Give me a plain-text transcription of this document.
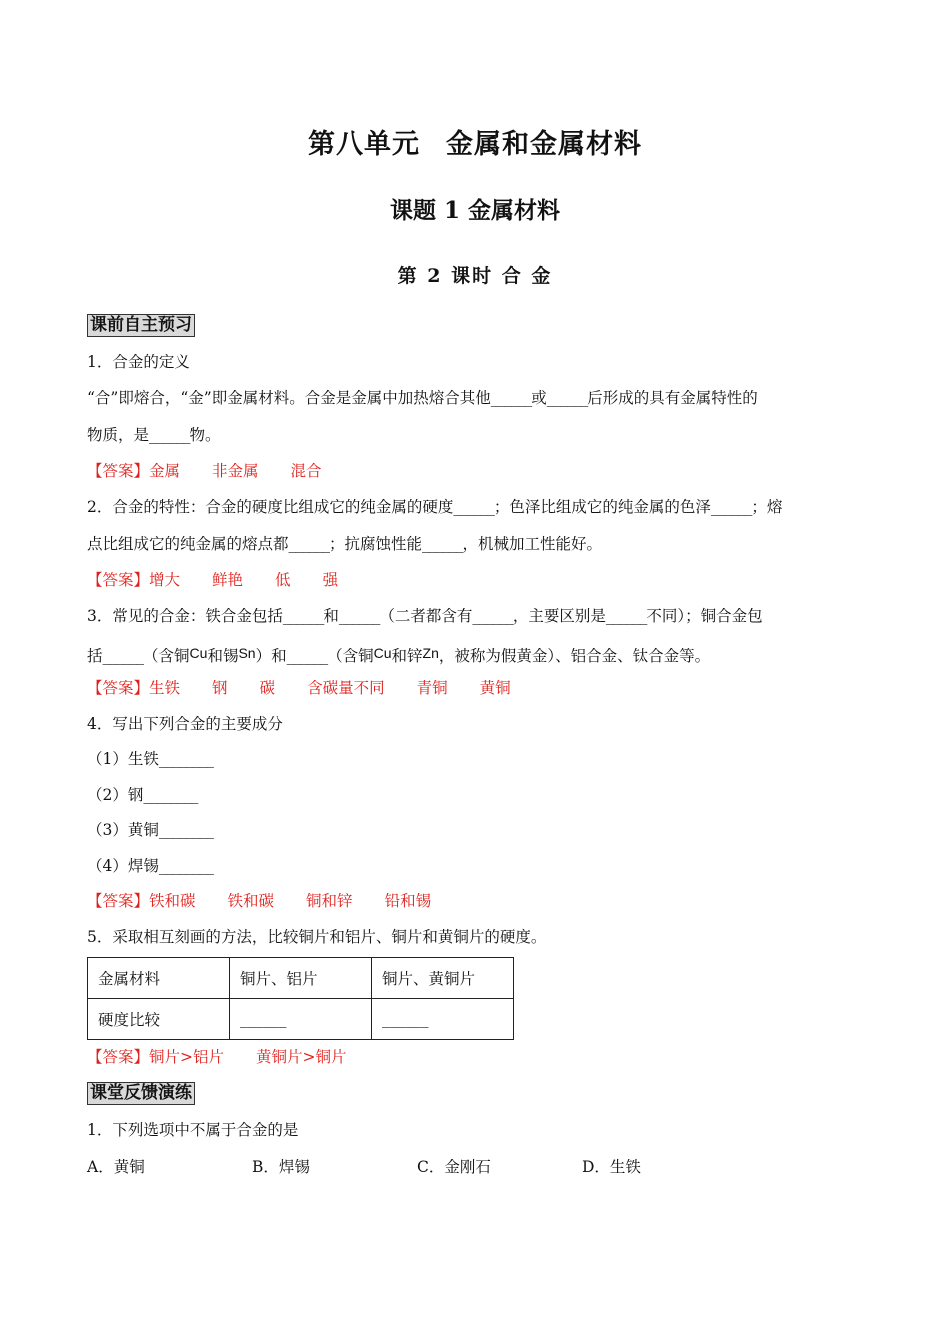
第八单元 金属和金属材料
课题 1 金属材料
第 2 课时 合 金
课前自主预习
1．合金的定义
“合”即熔合，“金”即金属材料。合金是金属中加热熔合其他______或______后形成的具有金属特性的
物质，是______物。
【答案】金属 非金属 混合
2．合金的特性：合金的硬度比组成它的纯金属的硬度______；色泽比组成它的纯金属的色泽______；熔
点比组成它的纯金属的熔点都______；抗腐蚀性能______，机械加工性能好。
【答案】增大 鲜艳 低 强
3．常见的合金：铁合金包括______和______（二者都含有______，主要区别是______不同）；铜合金包
括______（含铜Cu和锡Sn）和______（含铜Cu和锌Zn，被称为假黄金）、铝合金、钛合金等。
【答案】生铁 钢 碳 含碳量不同 青铜 黄铜
4．写出下列合金的主要成分
（1）生铁________
（2）钢________
（3）黄铜________
（4）焊锡________
【答案】铁和碳 铁和碳 铜和锌 铅和锡
5．采取相互刻画的方法，比较铜片和铝片、铜片和黄铜片的硬度。
金属材料	铜片、铝片	铜片、黄铜片
硬度比较	______	______
【答案】铜片>铝片 黄铜片>铜片
课堂反馈演练
1．下列选项中不属于合金的是
A．黄铜	B．焊锡	C．金刚石	D．生铁
